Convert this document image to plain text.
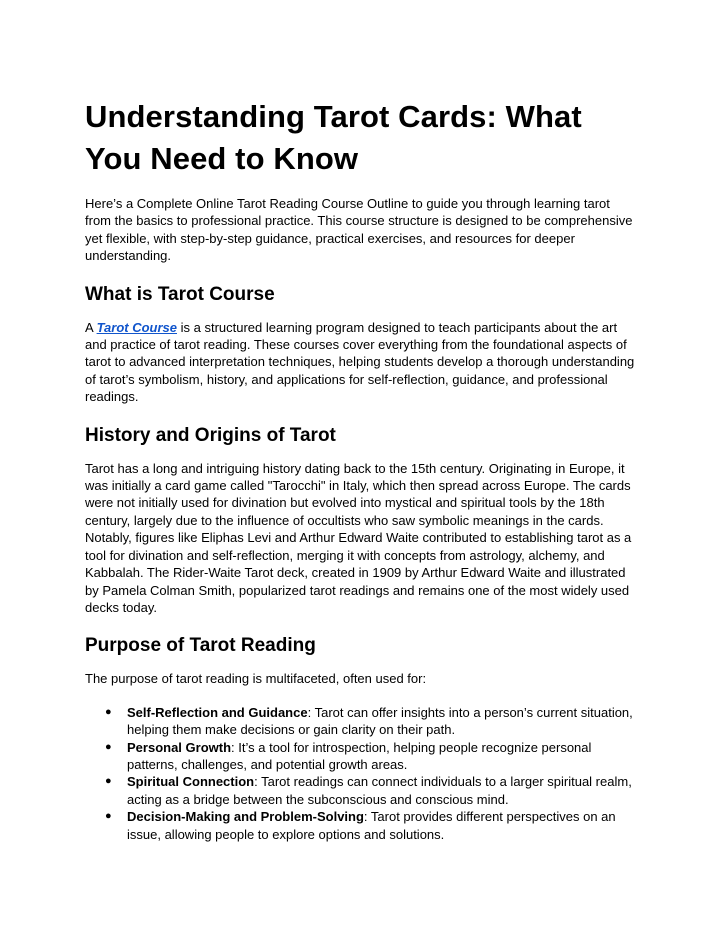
Understanding Tarot Cards: What You Need to Know

Here’s a Complete Online Tarot Reading Course Outline to guide you through learning tarot from the basics to professional practice. This course structure is designed to be comprehensive yet flexible, with step-by-step guidance, practical exercises, and resources for deeper understanding.

What is Tarot Course

A Tarot Course is a structured learning program designed to teach participants about the art and practice of tarot reading. These courses cover everything from the foundational aspects of tarot to advanced interpretation techniques, helping students develop a thorough understanding of tarot’s symbolism, history, and applications for self-reflection, guidance, and professional readings.

History and Origins of Tarot

Tarot has a long and intriguing history dating back to the 15th century. Originating in Europe, it was initially a card game called "Tarocchi" in Italy, which then spread across Europe. The cards were not initially used for divination but evolved into mystical and spiritual tools by the 18th century, largely due to the influence of occultists who saw symbolic meanings in the cards. Notably, figures like Eliphas Levi and Arthur Edward Waite contributed to establishing tarot as a tool for divination and self-reflection, merging it with concepts from astrology, alchemy, and Kabbalah. The Rider-Waite Tarot deck, created in 1909 by Arthur Edward Waite and illustrated by Pamela Colman Smith, popularized tarot readings and remains one of the most widely used decks today.

Purpose of Tarot Reading

The purpose of tarot reading is multifaceted, often used for:

● Self-Reflection and Guidance: Tarot can offer insights into a person’s current situation, helping them make decisions or gain clarity on their path.
● Personal Growth: It’s a tool for introspection, helping people recognize personal patterns, challenges, and potential growth areas.
● Spiritual Connection: Tarot readings can connect individuals to a larger spiritual realm, acting as a bridge between the subconscious and conscious mind.
● Decision-Making and Problem-Solving: Tarot provides different perspectives on an issue, allowing people to explore options and solutions.
